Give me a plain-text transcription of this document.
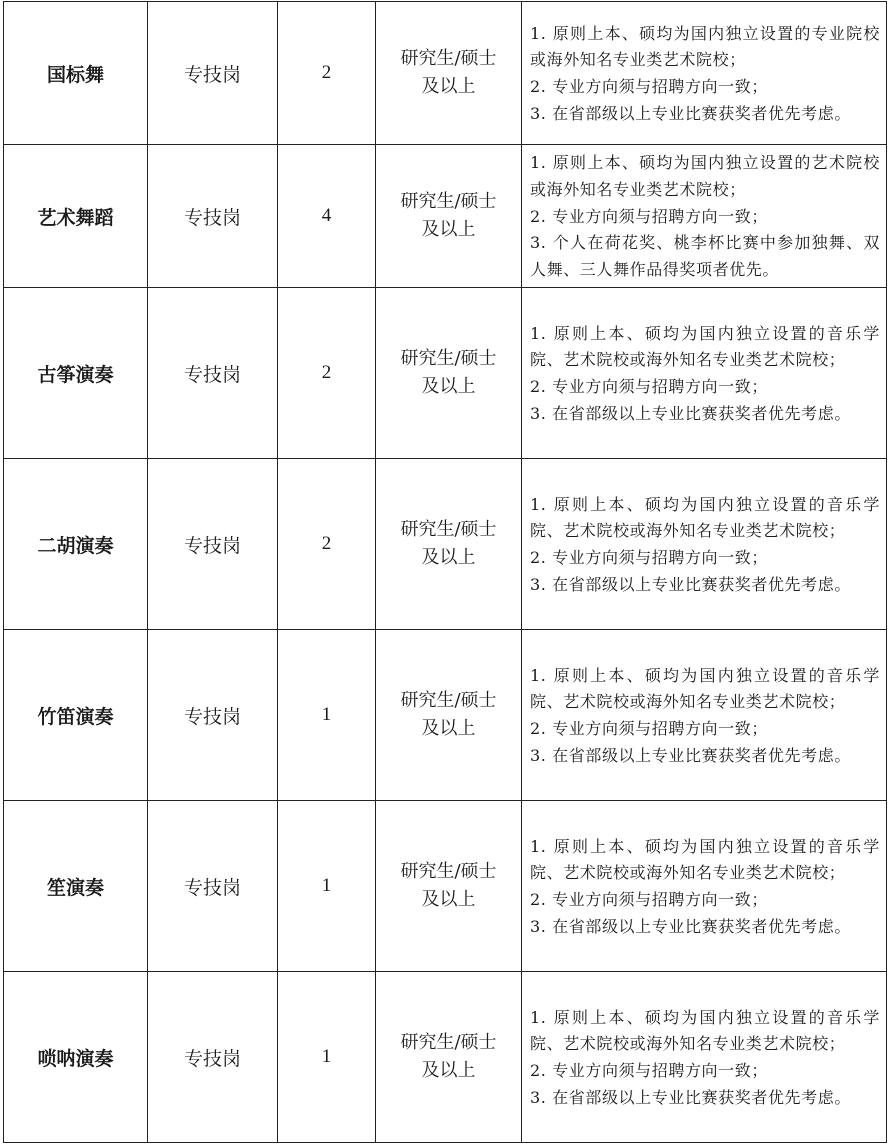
国标舞	专技岗	2	研究生/硕士
及以上	1. 原则上本、硕均为国内独立设置的专业院校或海外知名专业类艺术院校；
2. 专业方向须与招聘方向一致；
3. 在省部级以上专业比赛获奖者优先考虑。

艺术舞蹈	专技岗	4	研究生/硕士
及以上	1. 原则上本、硕均为国内独立设置的艺术院校或海外知名专业类艺术院校；
2. 专业方向须与招聘方向一致；
3. 个人在荷花奖、桃李杯比赛中参加独舞、双人舞、三人舞作品得奖项者优先。

古筝演奏	专技岗	2	研究生/硕士
及以上	1. 原则上本、硕均为国内独立设置的音乐学院、艺术院校或海外知名专业类艺术院校；
2. 专业方向须与招聘方向一致；
3. 在省部级以上专业比赛获奖者优先考虑。

二胡演奏	专技岗	2	研究生/硕士
及以上	1. 原则上本、硕均为国内独立设置的音乐学院、艺术院校或海外知名专业类艺术院校；
2. 专业方向须与招聘方向一致；
3. 在省部级以上专业比赛获奖者优先考虑。

竹笛演奏	专技岗	1	研究生/硕士
及以上	1. 原则上本、硕均为国内独立设置的音乐学院、艺术院校或海外知名专业类艺术院校；
2. 专业方向须与招聘方向一致；
3. 在省部级以上专业比赛获奖者优先考虑。

笙演奏	专技岗	1	研究生/硕士
及以上	1. 原则上本、硕均为国内独立设置的音乐学院、艺术院校或海外知名专业类艺术院校；
2. 专业方向须与招聘方向一致；
3. 在省部级以上专业比赛获奖者优先考虑。

唢呐演奏	专技岗	1	研究生/硕士
及以上	1. 原则上本、硕均为国内独立设置的音乐学院、艺术院校或海外知名专业类艺术院校；
2. 专业方向须与招聘方向一致；
3. 在省部级以上专业比赛获奖者优先考虑。
